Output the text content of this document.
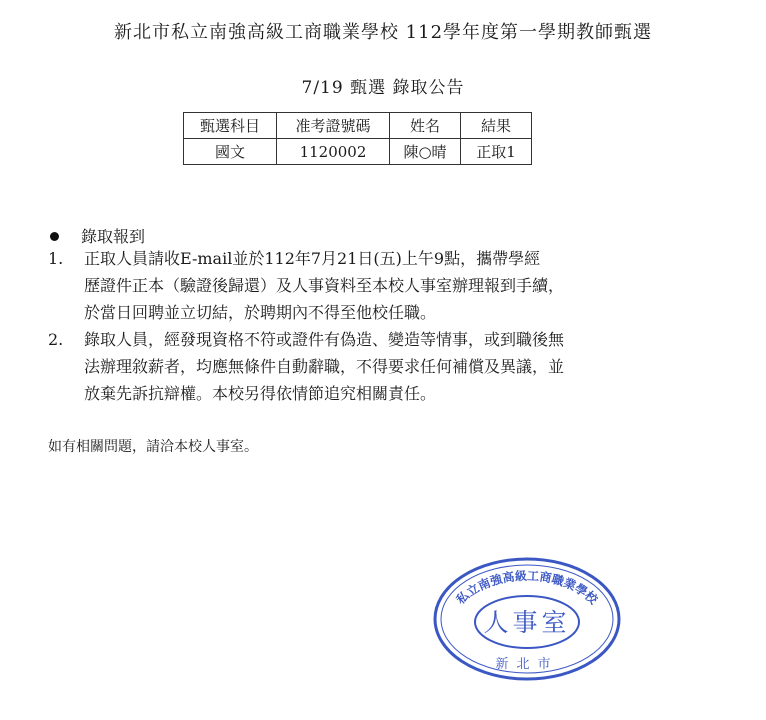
新北市私立南強高級工商職業學校 112學年度第一學期教師甄選
7/19 甄選 錄取公告
甄選科目	准考證號碼	姓名	結果
國文	1120002	陳○晴	正取1
錄取報到
1. 正取人員請收E-mail並於112年7月21日(五)上午9點，攜帶學經
歷證件正本（驗證後歸還）及人事資料至本校人事室辦理報到手續，
於當日回聘並立切結，於聘期內不得至他校任職。
2. 錄取人員，經發現資格不符或證件有偽造、變造等情事，或到職後無
法辦理敘薪者，均應無條件自動辭職，不得要求任何補償及異議，並
放棄先訴抗辯權。本校另得依情節追究相關責任。
如有相關問題，請洽本校人事室。
私立南強高級工商職業學校
人事室
新北市
